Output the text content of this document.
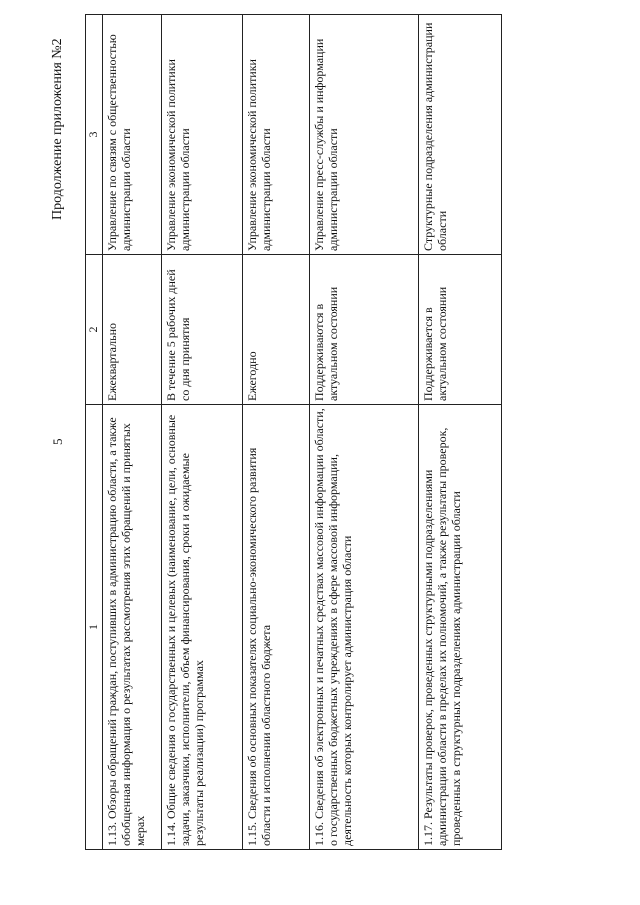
5
Продолжение приложения №2
1	2	3
1.13. Обзоры обращений граждан, поступивших в администрацию области, а также обобщенная информация о результатах рассмотрения этих обращений и принятых мерах	Ежеквартально	Управление по связям с общественностью администрации области
1.14. Общие сведения о государственных и целевых (наименование, цели, основные задачи, заказчики, исполнители, объем финансирования, сроки и ожидаемые результаты реализации) программах	В течение 5 рабочих дней со дня принятия	Управление экономической политики администрации области
1.15. Сведения об основных показателях социально-экономического развития области и исполнении областного бюджета	Ежегодно	Управление экономической политики администрации области
1.16. Сведения об электронных и печатных средствах массовой информации области, о государственных бюджетных учреждениях в сфере массовой информации, деятельность которых контролирует администрация области	Поддерживаются в актуальном состоянии	Управление пресс-службы и информации администрации области
1.17. Результаты проверок, проведенных структурными подразделениями администрации области в пределах их полномочий, а также результаты проверок, проведенных в структурных подразделениях администрации области	Поддерживается в актуальном состоянии	Структурные подразделения администрации области
